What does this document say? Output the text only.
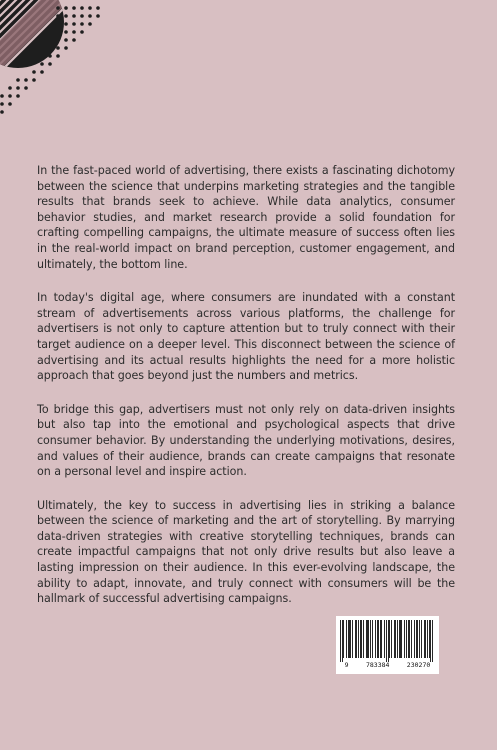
In the fast-paced world of advertising, there exists a fascinating dichotomy between the science that underpins marketing strategies and the tangible results that brands seek to achieve. While data analytics, consumer behavior studies, and market research provide a solid foundation for crafting compelling campaigns, the ultimate measure of success often lies in the real-world impact on brand perception, customer engagement, and ultimately, the bottom line.

In today's digital age, where consumers are inundated with a constant stream of advertisements across various platforms, the challenge for advertisers is not only to capture attention but to truly connect with their target audience on a deeper level. This disconnect between the science of advertising and its actual results highlights the need for a more holistic approach that goes beyond just the numbers and metrics.

To bridge this gap, advertisers must not only rely on data-driven insights but also tap into the emotional and psychological aspects that drive consumer behavior. By understanding the underlying motivations, desires, and values of their audience, brands can create campaigns that resonate on a personal level and inspire action.

Ultimately, the key to success in advertising lies in striking a balance between the science of marketing and the art of storytelling. By marrying data-driven strategies with creative storytelling techniques, brands can create impactful campaigns that not only drive results but also leave a lasting impression on their audience. In this ever-evolving landscape, the ability to adapt, innovate, and truly connect with consumers will be the hallmark of successful advertising campaigns.

9	783384	230270
